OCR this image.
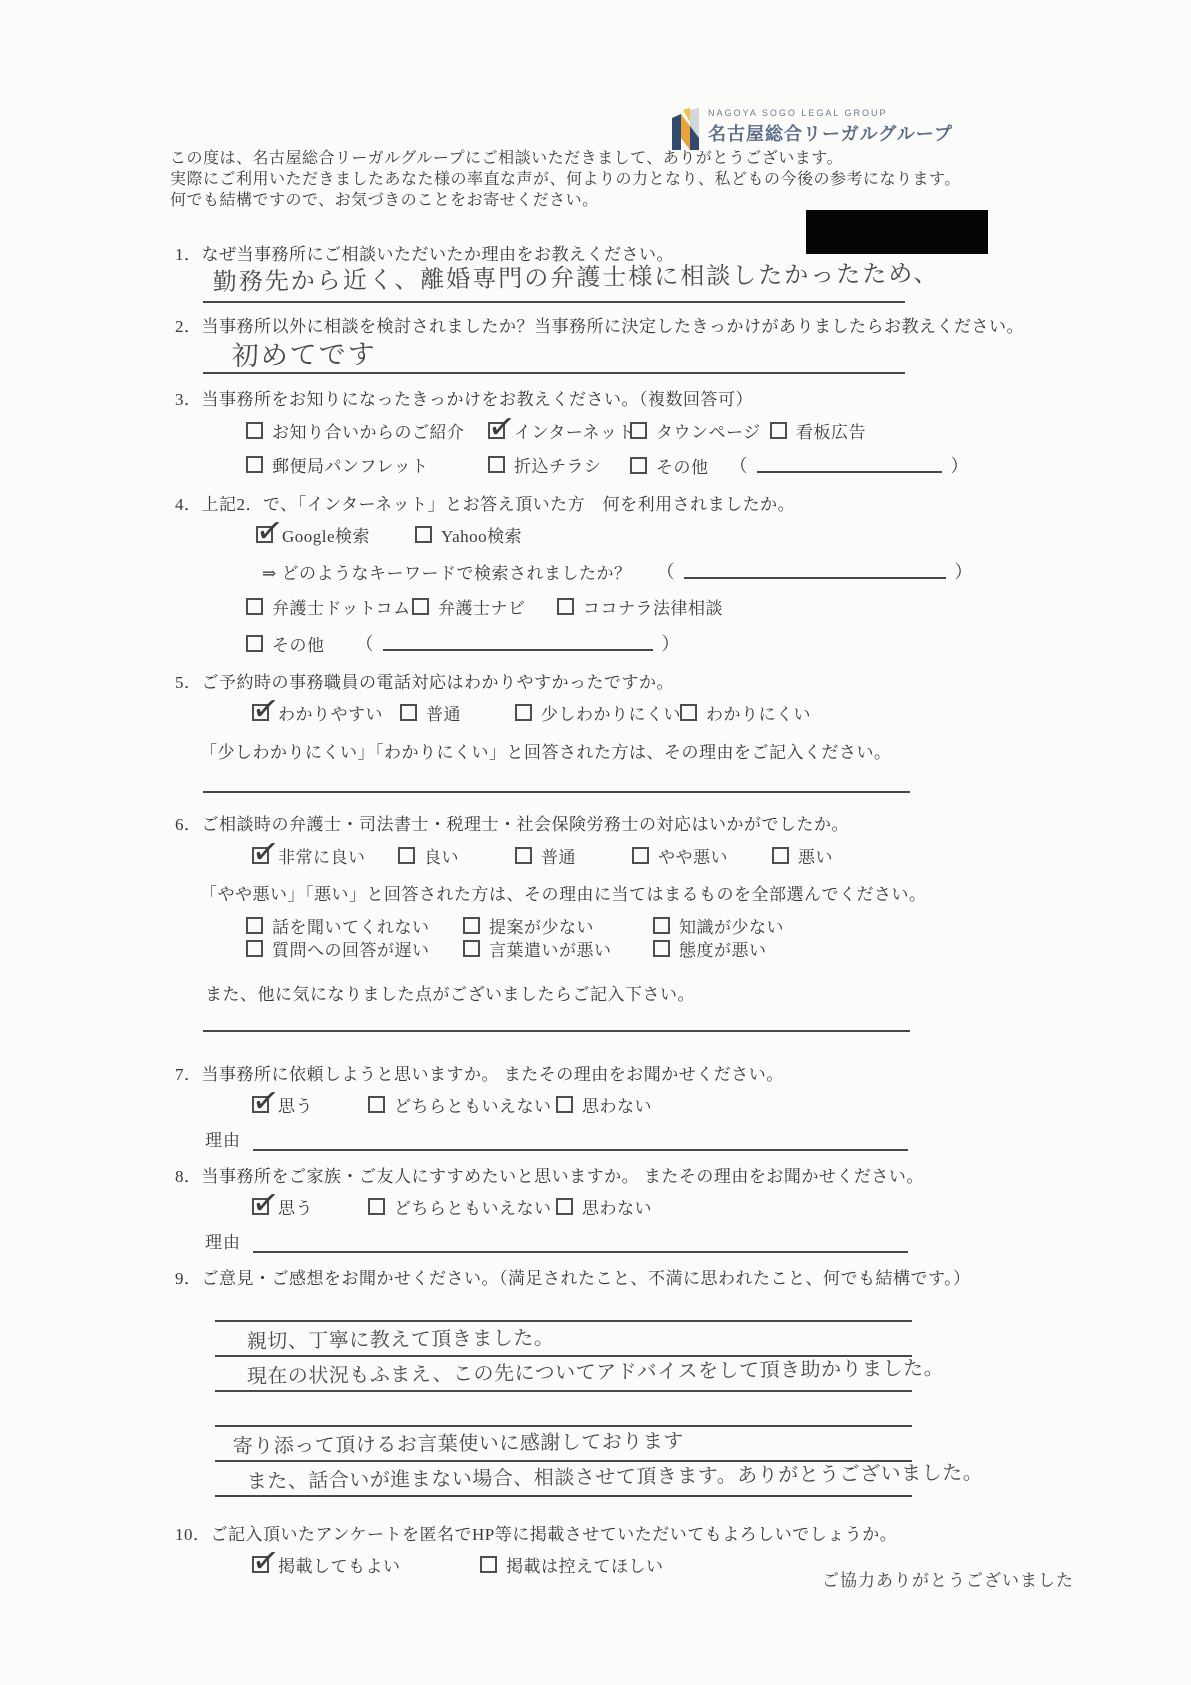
NAGOYA SOGO LEGAL GROUP
名古屋総合リーガルグループ
この度は、名古屋総合リーガルグループにご相談いただきまして、ありがとうございます。
実際にご利用いただきましたあなた様の率直な声が、何よりの力となり、私どもの今後の参考になります。
何でも結構ですので、お気づきのことをお寄せください。
1．なぜ当事務所にご相談いただいたか理由をお教えください。
勤務先から近く、離婚専門の弁護士様に相談したかったため、
2．当事務所以外に相談を検討されましたか？当事務所に決定したきっかけがありましたらお教えください。
初めてです
3．当事務所をお知りになったきっかけをお教えください。（複数回答可）
お知り合いからのご紹介 ✓	インターネット タウンページ 看板広告
郵便局パンフレット	折込チラシ	その他 （	）
4．上記2．で、「インターネット」とお答え頂いた方　何を利用されましたか。
✓
Google検索	Yahoo検索
⇒ どのようなキーワードで検索されましたか？ （	）
弁護士ドットコム 弁護士ナビ	ココナラ法律相談
その他 （	）
5．ご予約時の事務職員の電話対応はわかりやすかったですか。
✓
わかりやすい	普通	少しわかりにくい わかりにくい
「少しわかりにくい」「わかりにくい」と回答された方は、その理由をご記入ください。
6．ご相談時の弁護士・司法書士・税理士・社会保険労務士の対応はいかがでしたか。
✓
非常に良い	良い	普通	やや悪い	悪い
「やや悪い」「悪い」と回答された方は、その理由に当てはまるものを全部選んでください。
話を聞いてくれない	提案が少ない	知識が少ない
質問への回答が遅い	言葉遣いが悪い	態度が悪い
また、他に気になりました点がございましたらご記入下さい。
7．当事務所に依頼しようと思いますか。 またその理由をお聞かせください。
✓
思う	どちらともいえない 思わない
理由
8．当事務所をご家族・ご友人にすすめたいと思いますか。 またその理由をお聞かせください。
✓
思う	どちらともいえない 思わない
理由
9．ご意見・ご感想をお聞かせください。（満足されたこと、不満に思われたこと、何でも結構です。）
親切、丁寧に教えて頂きました。
現在の状況もふまえ、この先についてアドバイスをして頂き助かりました。
寄り添って頂けるお言葉使いに感謝しております
また、話合いが進まない場合、相談させて頂きます。ありがとうございました。
10．ご記入頂いたアンケートを匿名でHP等に掲載させていただいてもよろしいでしょうか。
✓
掲載してもよい	掲載は控えてほしい
ご協力ありがとうございました
